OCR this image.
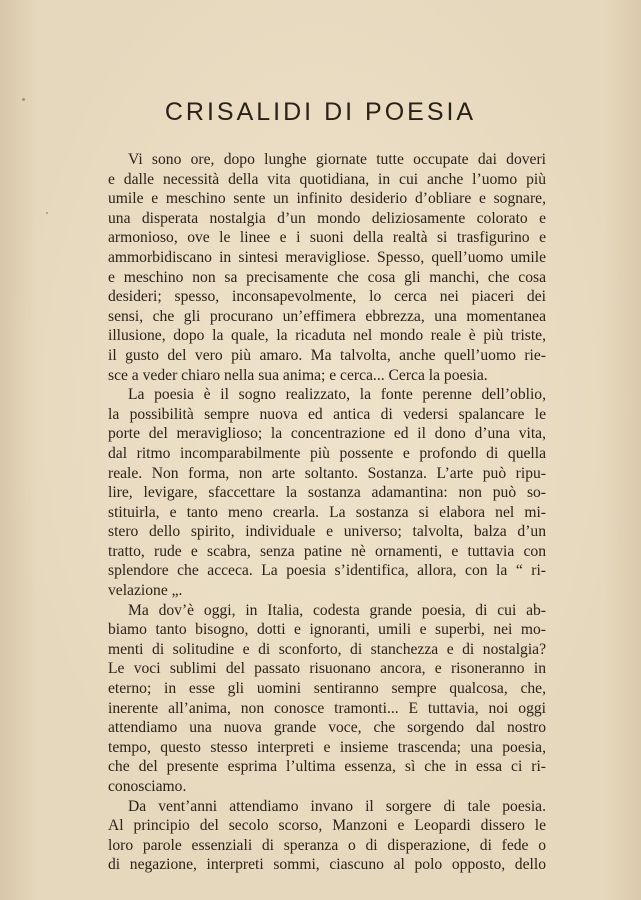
CRISALIDI DI POESIA
Vi sono ore, dopo lunghe giornate tutte occupate dai doveri
e dalle necessità della vita quotidiana, in cui anche l’uomo più
umile e meschino sente un infinito desiderio d’obliare e sognare,
una disperata nostalgia d’un mondo deliziosamente colorato e
armonioso, ove le linee e i suoni della realtà si trasfigurino e
ammorbidiscano in sintesi meravigliose. Spesso, quell’uomo umile
e meschino non sa precisamente che cosa gli manchi, che cosa
desideri; spesso, inconsapevolmente, lo cerca nei piaceri dei
sensi, che gli procurano un’effimera ebbrezza, una momentanea
illusione, dopo la quale, la ricaduta nel mondo reale è più triste,
il gusto del vero più amaro. Ma talvolta, anche quell’uomo rie-
sce a veder chiaro nella sua anima; e cerca... Cerca la poesia.
La poesia è il sogno realizzato, la fonte perenne dell’oblio,
la possibilità sempre nuova ed antica di vedersi spalancare le
porte del meraviglioso; la concentrazione ed il dono d’una vita,
dal ritmo incomparabilmente più possente e profondo di quella
reale. Non forma, non arte soltanto. Sostanza. L’arte può ripu-
lire, levigare, sfaccettare la sostanza adamantina: non può so-
stituirla, e tanto meno crearla. La sostanza si elabora nel mi-
stero dello spirito, individuale e universo; talvolta, balza d’un
tratto, rude e scabra, senza patine nè ornamenti, e tuttavia con
splendore che acceca. La poesia s’identifica, allora, con la “ ri-
velazione „.
Ma dov’è oggi, in Italia, codesta grande poesia, di cui ab-
biamo tanto bisogno, dotti e ignoranti, umili e superbi, nei mo-
menti di solitudine e di sconforto, di stanchezza e di nostalgia?
Le voci sublimi del passato risuonano ancora, e risoneranno in
eterno; in esse gli uomini sentiranno sempre qualcosa, che,
inerente all’anima, non conosce tramonti... E tuttavia, noi oggi
attendiamo una nuova grande voce, che sorgendo dal nostro
tempo, questo stesso interpreti e insieme trascenda; una poesia,
che del presente esprima l’ultima essenza, sì che in essa ci ri-
conosciamo.
Da vent’anni attendiamo invano il sorgere di tale poesia.
Al principio del secolo scorso, Manzoni e Leopardi dissero le
loro parole essenziali di speranza o di disperazione, di fede o
di negazione, interpreti sommi, ciascuno al polo opposto, dello
